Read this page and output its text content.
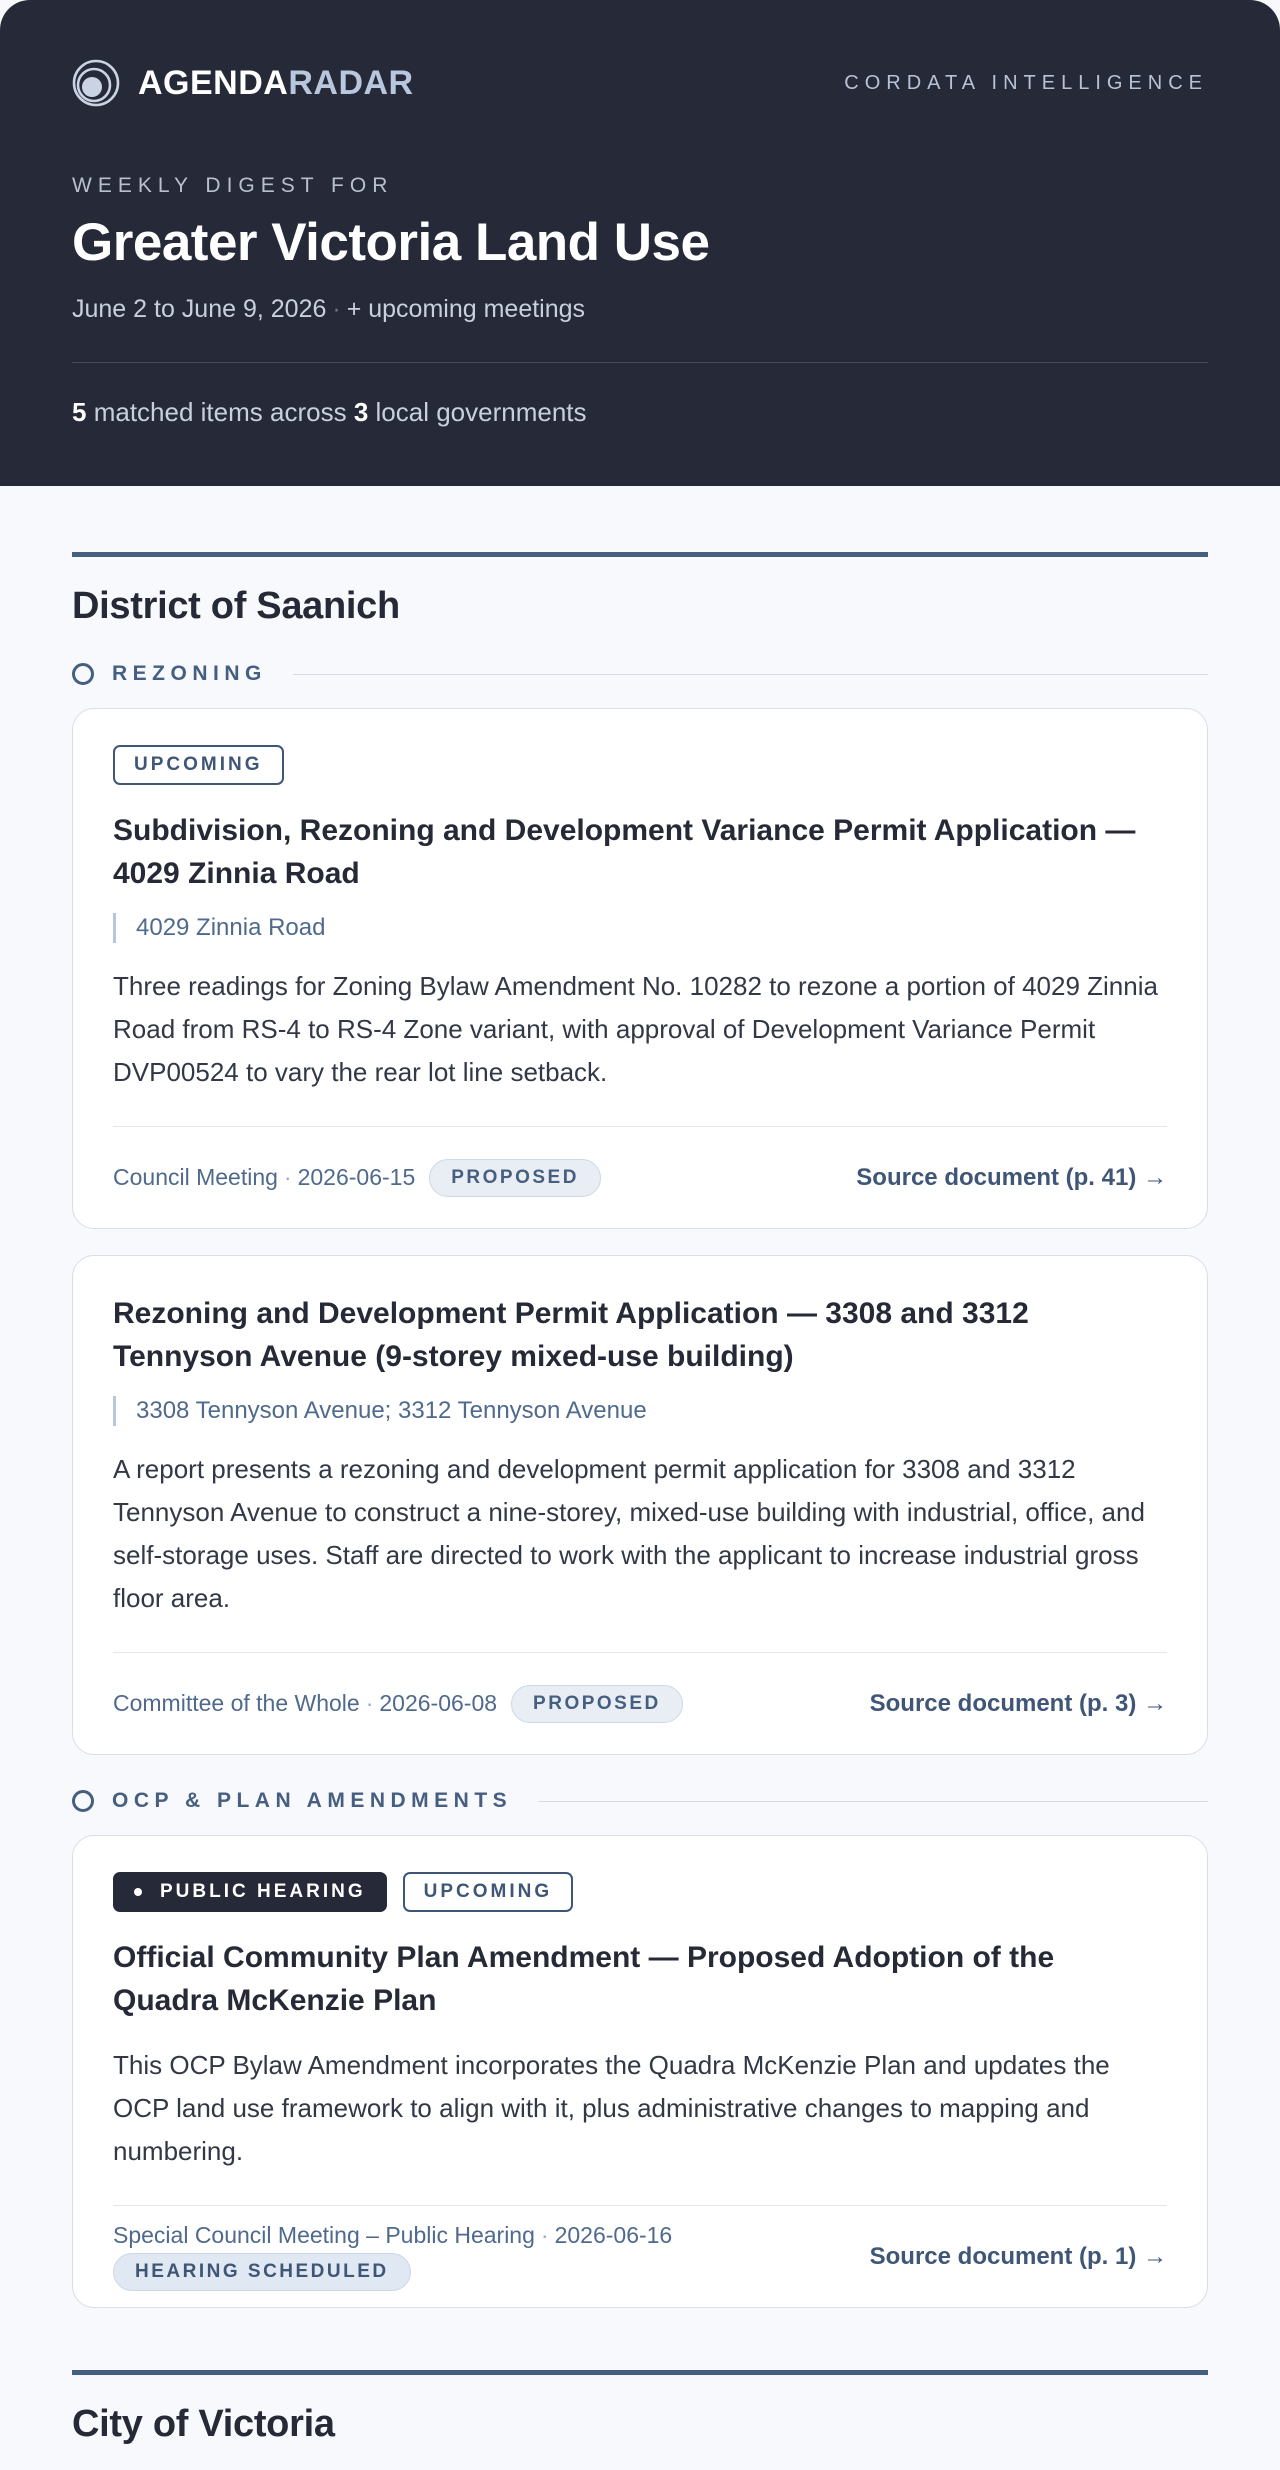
AGENDARADAR	CORDATA INTELLIGENCE
WEEKLY DIGEST FOR
Greater Victoria Land Use
June 2 to June 9, 2026 · + upcoming meetings
5 matched items across 3 local governments
District of Saanich
REZONING
UPCOMING
Subdivision, Rezoning and Development Variance Permit Application — 4029 Zinnia Road
4029 Zinnia Road

Three readings for Zoning Bylaw Amendment No. 10282 to rezone a portion of 4029 Zinnia Road from RS-4 to RS-4 Zone variant, with approval of Development Variance Permit DVP00524 to vary the rear lot line setback.

Council Meeting · 2026-06-15	PROPOSED	Source document (p. 41) →
Rezoning and Development Permit Application — 3308 and 3312 Tennyson Avenue (9-storey mixed-use building)
3308 Tennyson Avenue; 3312 Tennyson Avenue

A report presents a rezoning and development permit application for 3308 and 3312 Tennyson Avenue to construct a nine-storey, mixed-use building with industrial, office, and self-storage uses. Staff are directed to work with the applicant to increase industrial gross floor area.

Committee of the Whole · 2026-06-08	PROPOSED	Source document (p. 3) →
OCP & PLAN AMENDMENTS
PUBLIC HEARING	UPCOMING
Official Community Plan Amendment — Proposed Adoption of the Quadra McKenzie Plan

This OCP Bylaw Amendment incorporates the Quadra McKenzie Plan and updates the OCP land use framework to align with it, plus administrative changes to mapping and numbering.

Special Council Meeting – Public Hearing · 2026-06-16
HEARING SCHEDULED
Source document (p. 1) →
City of Victoria
